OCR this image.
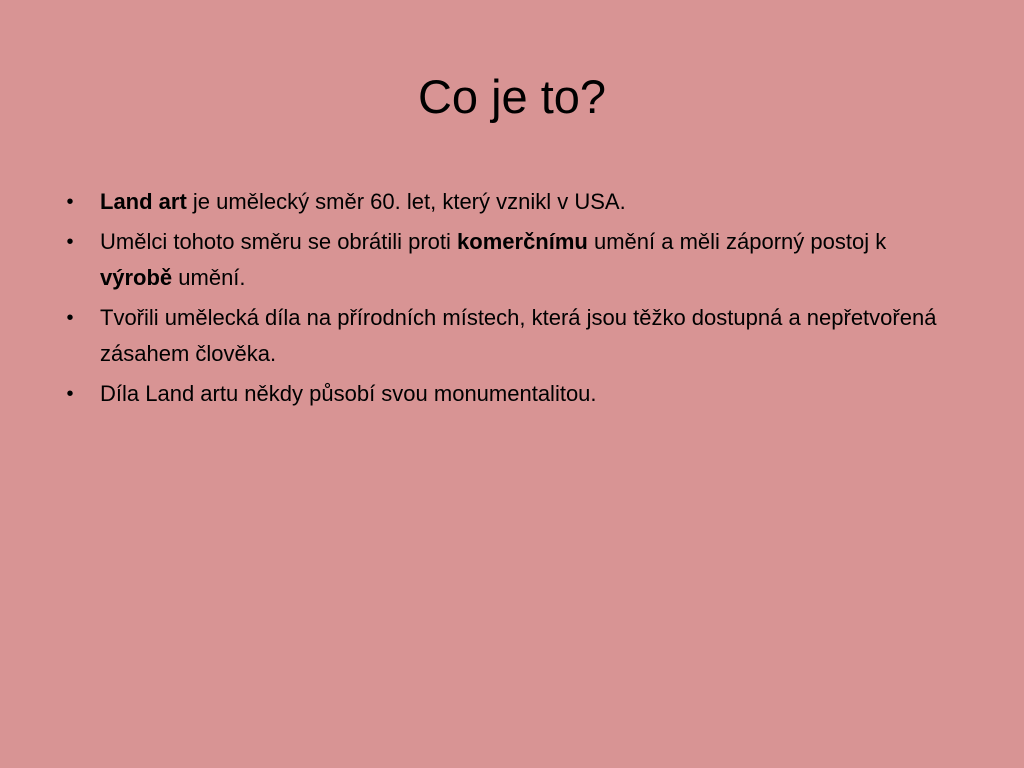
Co je to?
• Land art je umělecký směr 60. let, který vznikl v USA.
• Umělci tohoto směru se obrátili proti komerčnímu umění a měli záporný postoj k výrobě umění.
• Tvořili umělecká díla na přírodních místech, která jsou těžko dostupná a nepřetvořená zásahem člověka.
• Díla Land artu někdy působí svou monumentalitou.
